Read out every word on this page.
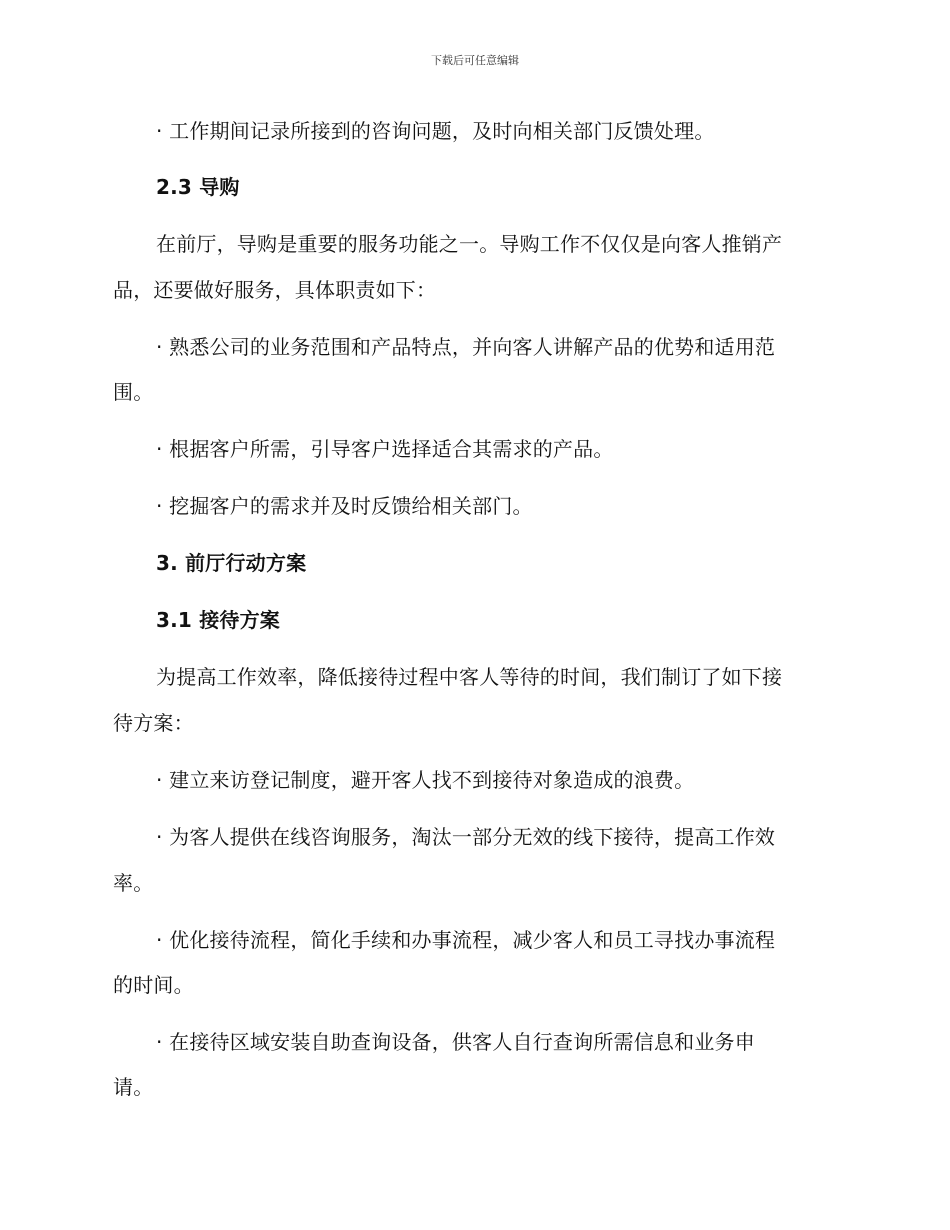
下载后可任意编辑
· 工作期间记录所接到的咨询问题，及时向相关部门反馈处理。
2.3 导购
在前厅，导购是重要的服务功能之一。导购工作不仅仅是向客人推销产
品，还要做好服务，具体职责如下：
· 熟悉公司的业务范围和产品特点，并向客人讲解产品的优势和适用范
围。
· 根据客户所需，引导客户选择适合其需求的产品。
· 挖掘客户的需求并及时反馈给相关部门。
3. 前厅行动方案
3.1 接待方案
为提高工作效率，降低接待过程中客人等待的时间，我们制订了如下接
待方案：
· 建立来访登记制度，避开客人找不到接待对象造成的浪费。
· 为客人提供在线咨询服务，淘汰一部分无效的线下接待，提高工作效
率。
· 优化接待流程，简化手续和办事流程，减少客人和员工寻找办事流程
的时间。
· 在接待区域安装自助查询设备，供客人自行查询所需信息和业务申
请。
